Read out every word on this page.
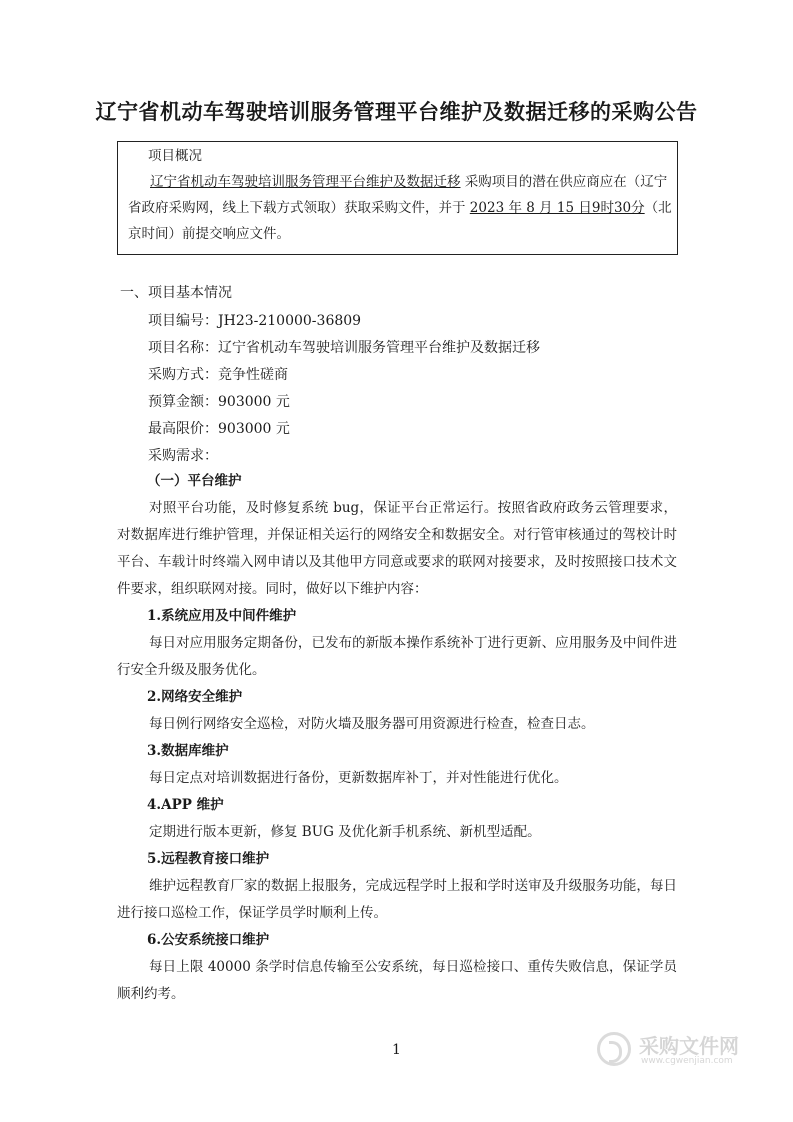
辽宁省机动车驾驶培训服务管理平台维护及数据迁移的采购公告
项目概况
辽宁省机动车驾驶培训服务管理平台维护及数据迁移 采购项目的潜在供应商应在（辽宁省政府采购网，线上下载方式领取）获取采购文件，并于 2023 年 8 月 15 日9时30分（北京时间）前提交响应文件。
一、项目基本情况
项目编号：JH23-210000-36809
项目名称：辽宁省机动车驾驶培训服务管理平台维护及数据迁移
采购方式：竞争性磋商
预算金额：903000 元
最高限价：903000 元
采购需求：
（一）平台维护
对照平台功能，及时修复系统 bug，保证平台正常运行。按照省政府政务云管理要求，对数据库进行维护管理，并保证相关运行的网络安全和数据安全。对行管审核通过的驾校计时平台、车载计时终端入网申请以及其他甲方同意或要求的联网对接要求，及时按照接口技术文件要求，组织联网对接。同时，做好以下维护内容：
1.系统应用及中间件维护
每日对应用服务定期备份，已发布的新版本操作系统补丁进行更新、应用服务及中间件进行安全升级及服务优化。
2.网络安全维护
每日例行网络安全巡检，对防火墙及服务器可用资源进行检查，检查日志。
3.数据库维护
每日定点对培训数据进行备份，更新数据库补丁，并对性能进行优化。
4.APP 维护
定期进行版本更新，修复 BUG 及优化新手机系统、新机型适配。
5.远程教育接口维护
维护远程教育厂家的数据上报服务，完成远程学时上报和学时送审及升级服务功能，每日进行接口巡检工作，保证学员学时顺利上传。
6.公安系统接口维护
每日上限 40000 条学时信息传输至公安系统，每日巡检接口、重传失败信息，保证学员顺利约考。
1	采购文件网
www.cgwenjian.com
